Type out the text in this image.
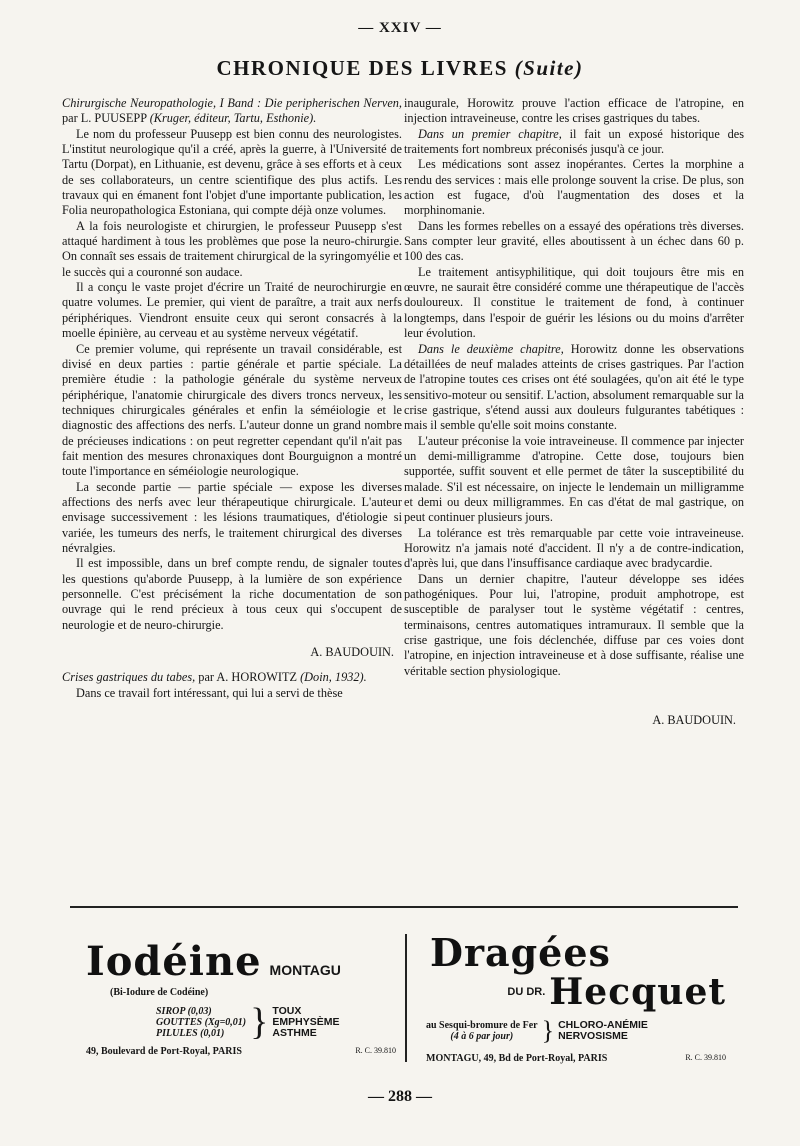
— XXIV —
CHRONIQUE DES LIVRES (Suite)

Chirurgische Neuropathologie, I Band : Die peripherischen Nerven, par L. PUUSEPP (Kruger, éditeur, Tartu, Esthonie).

Le nom du professeur Puusepp est bien connu des neurologistes. L'institut neurologique qu'il a créé, après la guerre, à l'Université de Tartu (Dorpat), en Lithuanie, est devenu, grâce à ses efforts et à ceux de ses collaborateurs, un centre scientifique des plus actifs. Les travaux qui en émanent font l'objet d'une importante publication, les Folia neuropathologica Estoniana, qui compte déjà onze volumes.

A la fois neurologiste et chirurgien, le professeur Puusepp s'est attaqué hardiment à tous les problèmes que pose la neuro-chirurgie. On connaît ses essais de traitement chirurgical de la syringomyélie et le succès qui a couronné son audace.

Il a conçu le vaste projet d'écrire un Traité de neurochirurgie en quatre volumes. Le premier, qui vient de paraître, a trait aux nerfs périphériques. Viendront ensuite ceux qui seront consacrés à la moelle épinière, au cerveau et au système nerveux végétatif.

Ce premier volume, qui représente un travail considérable, est divisé en deux parties : partie générale et partie spéciale. La première étudie : la pathologie générale du système nerveux périphérique, l'anatomie chirurgicale des divers troncs nerveux, les techniques chirurgicales générales et enfin la séméiologie et le diagnostic des affections des nerfs. L'auteur donne un grand nombre de précieuses indications : on peut regretter cependant qu'il n'ait pas fait mention des mesures chronaxiques dont Bourguignon a montré toute l'importance en séméiologie neurologique.

La seconde partie — partie spéciale — expose les diverses affections des nerfs avec leur thérapeutique chirurgicale. L'auteur envisage successivement : les lésions traumatiques, d'étiologie si variée, les tumeurs des nerfs, le traitement chirurgical des diverses névralgies.

Il est impossible, dans un bref compte rendu, de signaler toutes les questions qu'aborde Puusepp, à la lumière de son expérience personnelle. C'est précisément la riche documentation de son ouvrage qui le rend précieux à tous ceux qui s'occupent de neurologie et de neuro-chirurgie.

A. BAUDOUIN.

Crises gastriques du tabes, par A. HOROWITZ (Doin, 1932).

Dans ce travail fort intéressant, qui lui a servi de thèse

inaugurale, Horowitz prouve l'action efficace de l'atropine, en injection intraveineuse, contre les crises gastriques du tabes.

Dans un premier chapitre, il fait un exposé historique des traitements fort nombreux préconisés jusqu'à ce jour.

Les médications sont assez inopérantes. Certes la morphine a rendu des services : mais elle prolonge souvent la crise. De plus, son action est fugace, d'où l'augmentation des doses et la morphinomanie.

Dans les formes rebelles on a essayé des opérations très diverses. Sans compter leur gravité, elles aboutissent à un échec dans 60 p. 100 des cas.

Le traitement antisyphilitique, qui doit toujours être mis en œuvre, ne saurait être considéré comme une thérapeutique de l'accès douloureux. Il constitue le traitement de fond, à continuer longtemps, dans l'espoir de guérir les lésions ou du moins d'arrêter leur évolution.

Dans le deuxième chapitre, Horowitz donne les observations détaillées de neuf malades atteints de crises gastriques. Par l'action de l'atropine toutes ces crises ont été soulagées, qu'on ait été le type sensitivo-moteur ou sensitif. L'action, absolument remarquable sur la crise gastrique, s'étend aussi aux douleurs fulgurantes tabétiques : mais il semble qu'elle soit moins constante.

L'auteur préconise la voie intraveineuse. Il commence par injecter un demi-milligramme d'atropine. Cette dose, toujours bien supportée, suffit souvent et elle permet de tâter la susceptibilité du malade. S'il est nécessaire, on injecte le lendemain un milligramme et demi ou deux milligrammes. En cas d'état de mal gastrique, on peut continuer plusieurs jours.

La tolérance est très remarquable par cette voie intraveineuse. Horowitz n'a jamais noté d'accident. Il n'y a de contre-indication, d'après lui, que dans l'insuffisance cardiaque avec bradycardie.

Dans un dernier chapitre, l'auteur développe ses idées pathogéniques. Pour lui, l'atropine, produit amphotrope, est susceptible de paralyser tout le système végétatif : centres, terminaisons, centres automatiques intramuraux. Il semble que la crise gastrique, une fois déclenchée, diffuse par ces voies dont l'atropine, en injection intraveineuse et à dose suffisante, réalise une véritable section physiologique.

A. BAUDOUIN.

Iodéine MONTAGU
(Bi-Iodure de Codéine)
SIROP (0,03)
GOUTTES (Xg=0,01)
PILULES (0,01) } TOUX
EMPHYSÈME
ASTHME
49, Boulevard de Port-Royal, PARIS	R. C. 39.810
Dragées
DU DR. Hecquet
au Sesqui-bromure de Fer
(4 à 6 par jour)	} CHLORO-ANÉMIE
NERVOSISME
MONTAGU, 49, Bd de Port-Royal, PARIS	R. C. 39.810
— 288 —
